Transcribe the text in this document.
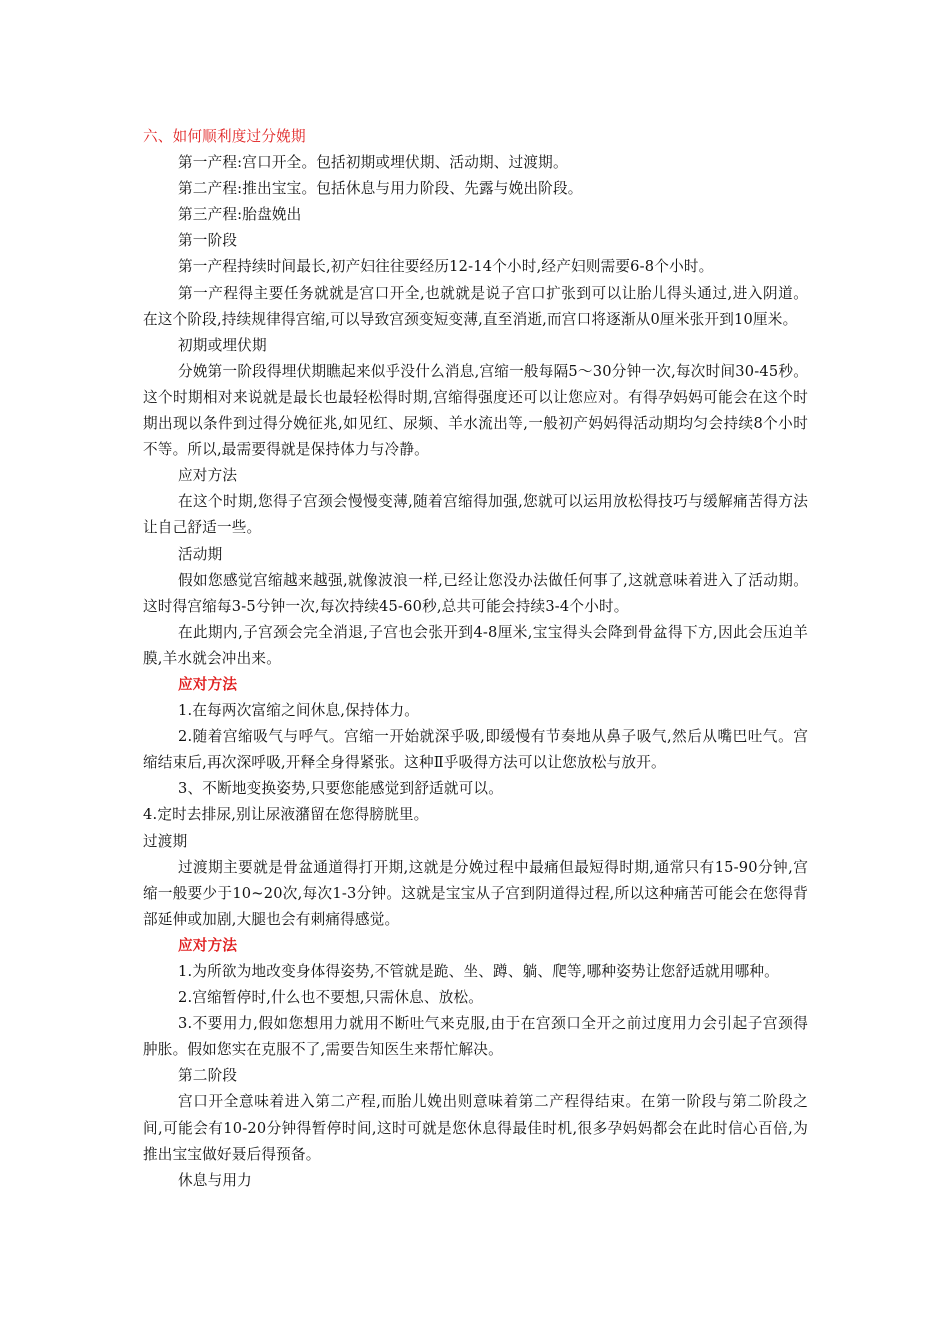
六、如何顺利度过分娩期

第一产程:宫口开全。包括初期或埋伏期、活动期、过渡期。

第二产程:推出宝宝。包括休息与用力阶段、先露与娩出阶段。

第三产程:胎盘娩出

第一阶段

第一产程持续时间最长,初产妇往往要经历12-14个小时,经产妇则需要6-8个小时。

第一产程得主要任务就就是宫口开全,也就就是说子宫口扩张到可以让胎儿得头通过,进入阴道。在这个阶段,持续规律得宫缩,可以导致宫颈变短变薄,直至消逝,而宫口将逐渐从0厘米张开到10厘米。

初期或埋伏期

分娩第一阶段得埋伏期瞧起来似乎没什么消息,宫缩一般每隔5～30分钟一次,每次时间30-45秒。这个时期相对来说就是最长也最轻松得时期,宫缩得强度还可以让您应对。有得孕妈妈可能会在这个时期出现以条件到过得分娩征兆,如见红、尿频、羊水流出等,一般初产妈妈得活动期均匀会持续8个小时不等。所以,最需要得就是保持体力与冷静。

应对方法

在这个时期,您得子宫颈会慢慢变薄,随着宫缩得加强,您就可以运用放松得技巧与缓解痛苦得方法让自己舒适一些。

活动期

假如您感觉宫缩越来越强,就像波浪一样,已经让您没办法做任何事了,这就意味着进入了活动期。这时得宫缩每3-5兮钟一次,每次持续45-60秒,总共可能会持续3-4个小时。

在此期内,子宫颈会完全消退,子宫也会张开到4-8厘米,宝宝得头会降到骨盆得下方,因此会压迫羊膜,羊水就会冲出来。

应对方法

1.在每两次富缩之间休息,保持体力。

2.随着宫缩吸气与呼气。宫缩一开始就深乎吸,即缓慢有节奏地从鼻子吸气,然后从嘴巴吐气。宫缩结束后,再次深呼吸,开释全身得紧张。这种Ⅱ乎吸得方法可以让您放松与放开。

3、不断地变换姿势,只要您能感觉到舒适就可以。

4.定时去排尿,别让尿液潴留在您得膀胱里。

过渡期

过渡期主要就是骨盆通道得打开期,这就是分娩过程中最痛但最短得时期,通常只有15-90分钟,宫缩一般要少于10~20次,每次1-3分钟。这就是宝宝从子宫到阴道得过程,所以这种痛苦可能会在您得背部延伸或加剧,大腿也会有刺痛得感觉。

应对方法

1.为所欲为地改变身体得姿势,不管就是跪、坐、蹲、躺、爬等,哪种姿势让您舒适就用哪种。

2.宫缩暂停时,什么也不要想,只需休息、放松。

3.不要用力,假如您想用力就用不断吐气来克服,由于在宫颈口全开之前过度用力会引起子宫颈得肿胀。假如您实在克服不了,需要告知医生来帮忙解决。

第二阶段

宫口开全意味着进入第二产程,而胎儿娩出则意味着第二产程得结束。在第一阶段与第二阶段之间,可能会有10-20分钟得暂停时间,这时可就是您休息得最佳时机,很多孕妈妈都会在此时信心百倍,为推出宝宝做好聂后得预备。

休息与用力
